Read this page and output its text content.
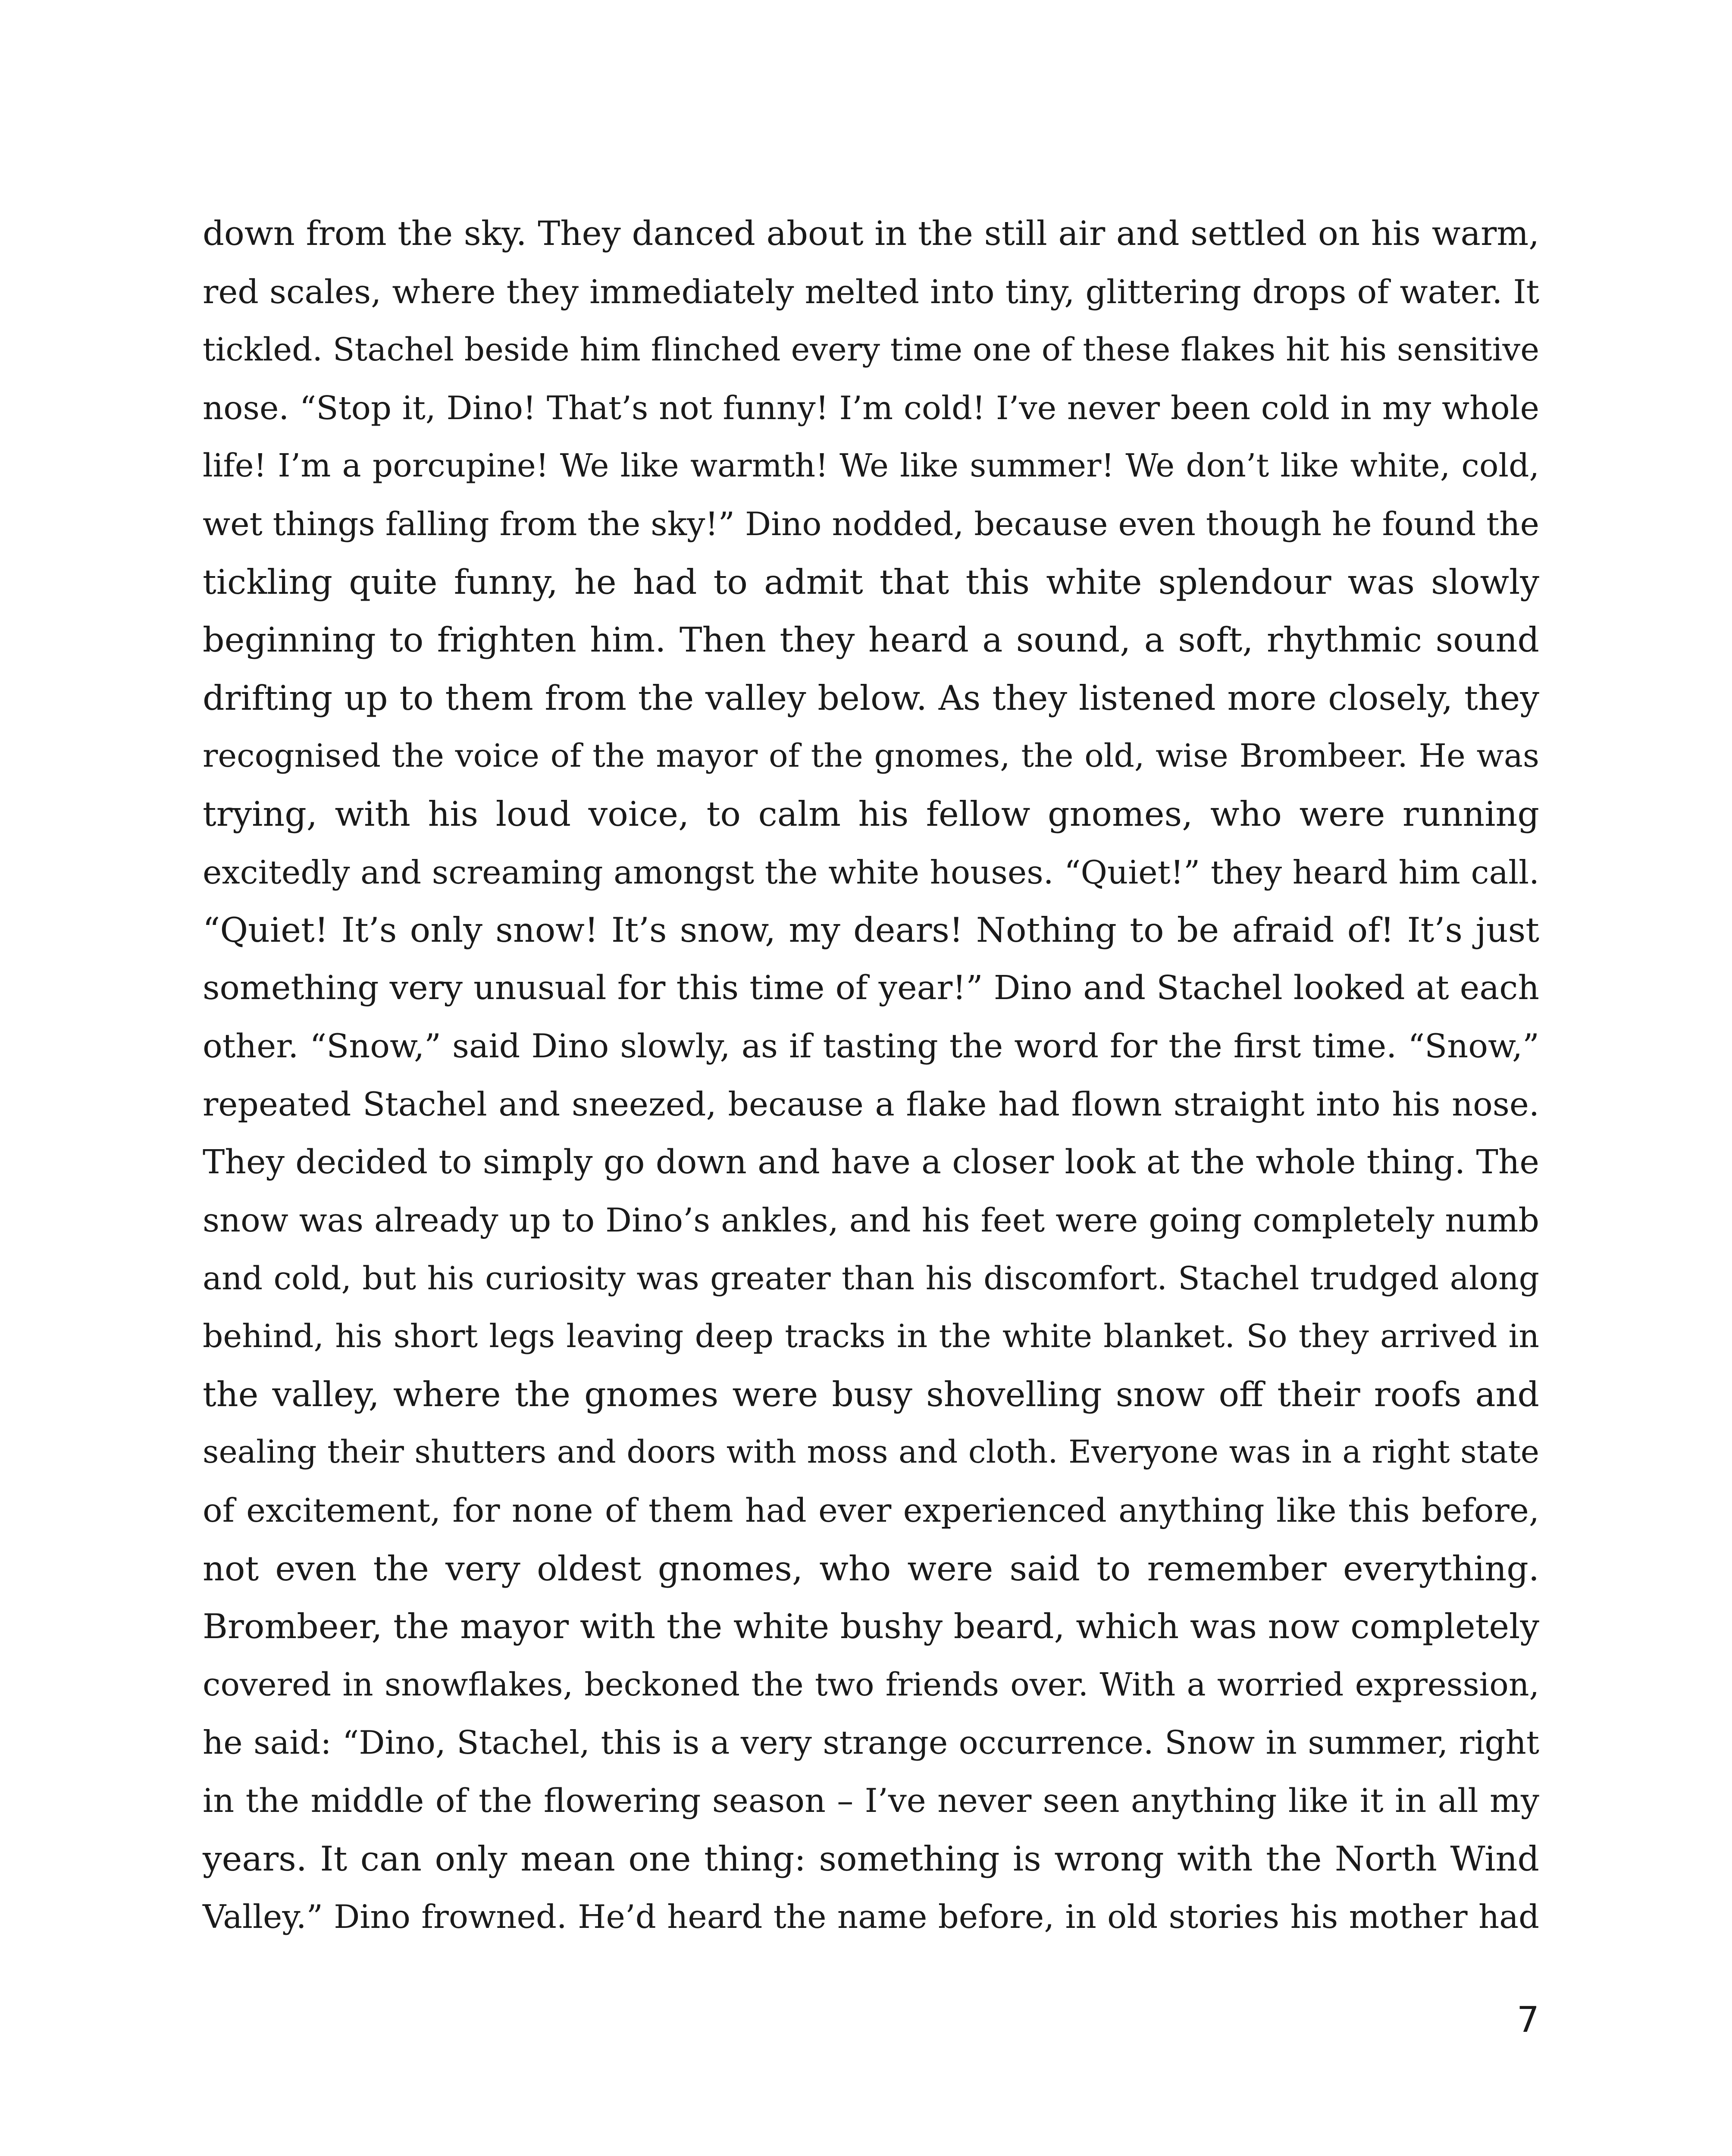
down from the sky. They danced about in the still air and settled on his warm,
red scales, where they immediately melted into tiny, glittering drops of water. It
tickled. Stachel beside him flinched every time one of these flakes hit his sensitive
nose. “Stop it, Dino! That’s not funny! I’m cold! I’ve never been cold in my whole
life! I’m a porcupine! We like warmth! We like summer! We don’t like white, cold,
wet things falling from the sky!” Dino nodded, because even though he found the
tickling quite funny, he had to admit that this white splendour was slowly
beginning to frighten him. Then they heard a sound, a soft, rhythmic sound
drifting up to them from the valley below. As they listened more closely, they
recognised the voice of the mayor of the gnomes, the old, wise Brombeer. He was
trying, with his loud voice, to calm his fellow gnomes, who were running
excitedly and screaming amongst the white houses. “Quiet!” they heard him call.
“Quiet! It’s only snow! It’s snow, my dears! Nothing to be afraid of! It’s just
something very unusual for this time of year!” Dino and Stachel looked at each
other. “Snow,” said Dino slowly, as if tasting the word for the first time. “Snow,”
repeated Stachel and sneezed, because a flake had flown straight into his nose.
They decided to simply go down and have a closer look at the whole thing. The
snow was already up to Dino’s ankles, and his feet were going completely numb
and cold, but his curiosity was greater than his discomfort. Stachel trudged along
behind, his short legs leaving deep tracks in the white blanket. So they arrived in
the valley, where the gnomes were busy shovelling snow off their roofs and
sealing their shutters and doors with moss and cloth. Everyone was in a right state
of excitement, for none of them had ever experienced anything like this before,
not even the very oldest gnomes, who were said to remember everything.
Brombeer, the mayor with the white bushy beard, which was now completely
covered in snowflakes, beckoned the two friends over. With a worried expression,
he said: “Dino, Stachel, this is a very strange occurrence. Snow in summer, right
in the middle of the flowering season – I’ve never seen anything like it in all my
years. It can only mean one thing: something is wrong with the North Wind
Valley.” Dino frowned. He’d heard the name before, in old stories his mother had
7
